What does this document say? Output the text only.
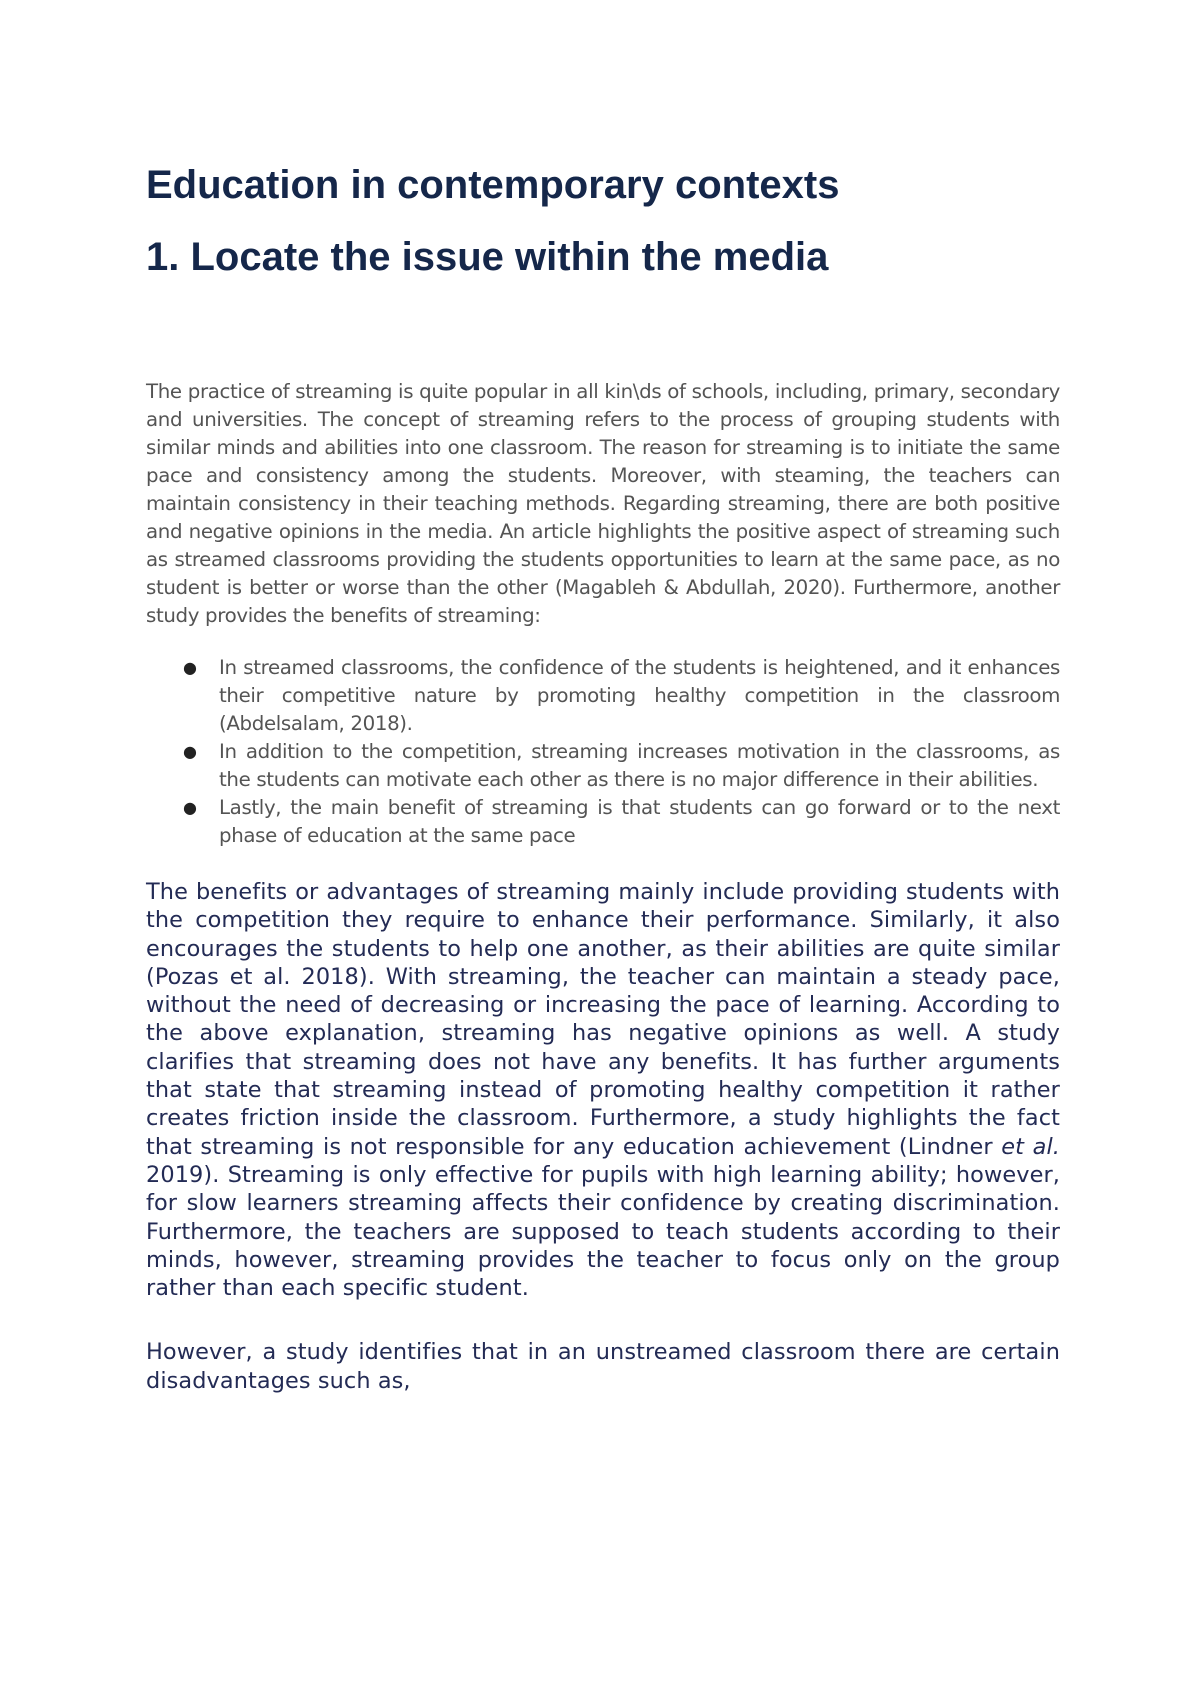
Education in contemporary contexts
1. Locate the issue within the media

The practice of streaming is quite popular in all kin\ds of schools, including, primary, secondary and universities. The concept of streaming refers to the process of grouping students with similar minds and abilities into one classroom. The reason for streaming is to initiate the same pace and consistency among the students. Moreover, with steaming, the teachers can maintain consistency in their teaching methods. Regarding streaming, there are both positive and negative opinions in the media. An article highlights the positive aspect of streaming such as streamed classrooms providing the students opportunities to learn at the same pace, as no student is better or worse than the other (Magableh & Abdullah, 2020). Furthermore, another study provides the benefits of streaming:

● In streamed classrooms, the confidence of the students is heightened, and it enhances their competitive nature by promoting healthy competition in the classroom (Abdelsalam, 2018).
● In addition to the competition, streaming increases motivation in the classrooms, as the students can motivate each other as there is no major difference in their abilities.
● Lastly, the main benefit of streaming is that students can go forward or to the next phase of education at the same pace

The benefits or advantages of streaming mainly include providing students with the competition they require to enhance their performance. Similarly, it also encourages the students to help one another, as their abilities are quite similar (Pozas et al. 2018). With streaming, the teacher can maintain a steady pace, without the need of decreasing or increasing the pace of learning. According to the above explanation, streaming has negative opinions as well. A study clarifies that streaming does not have any benefits. It has further arguments that state that streaming instead of promoting healthy competition it rather creates friction inside the classroom. Furthermore, a study highlights the fact that streaming is not responsible for any education achievement (Lindner et al. 2019). Streaming is only effective for pupils with high learning ability; however, for slow learners streaming affects their confidence by creating discrimination. Furthermore, the teachers are supposed to teach students according to their minds, however, streaming provides the teacher to focus only on the group rather than each specific student.

However, a study identifies that in an unstreamed classroom there are certain disadvantages such as,
